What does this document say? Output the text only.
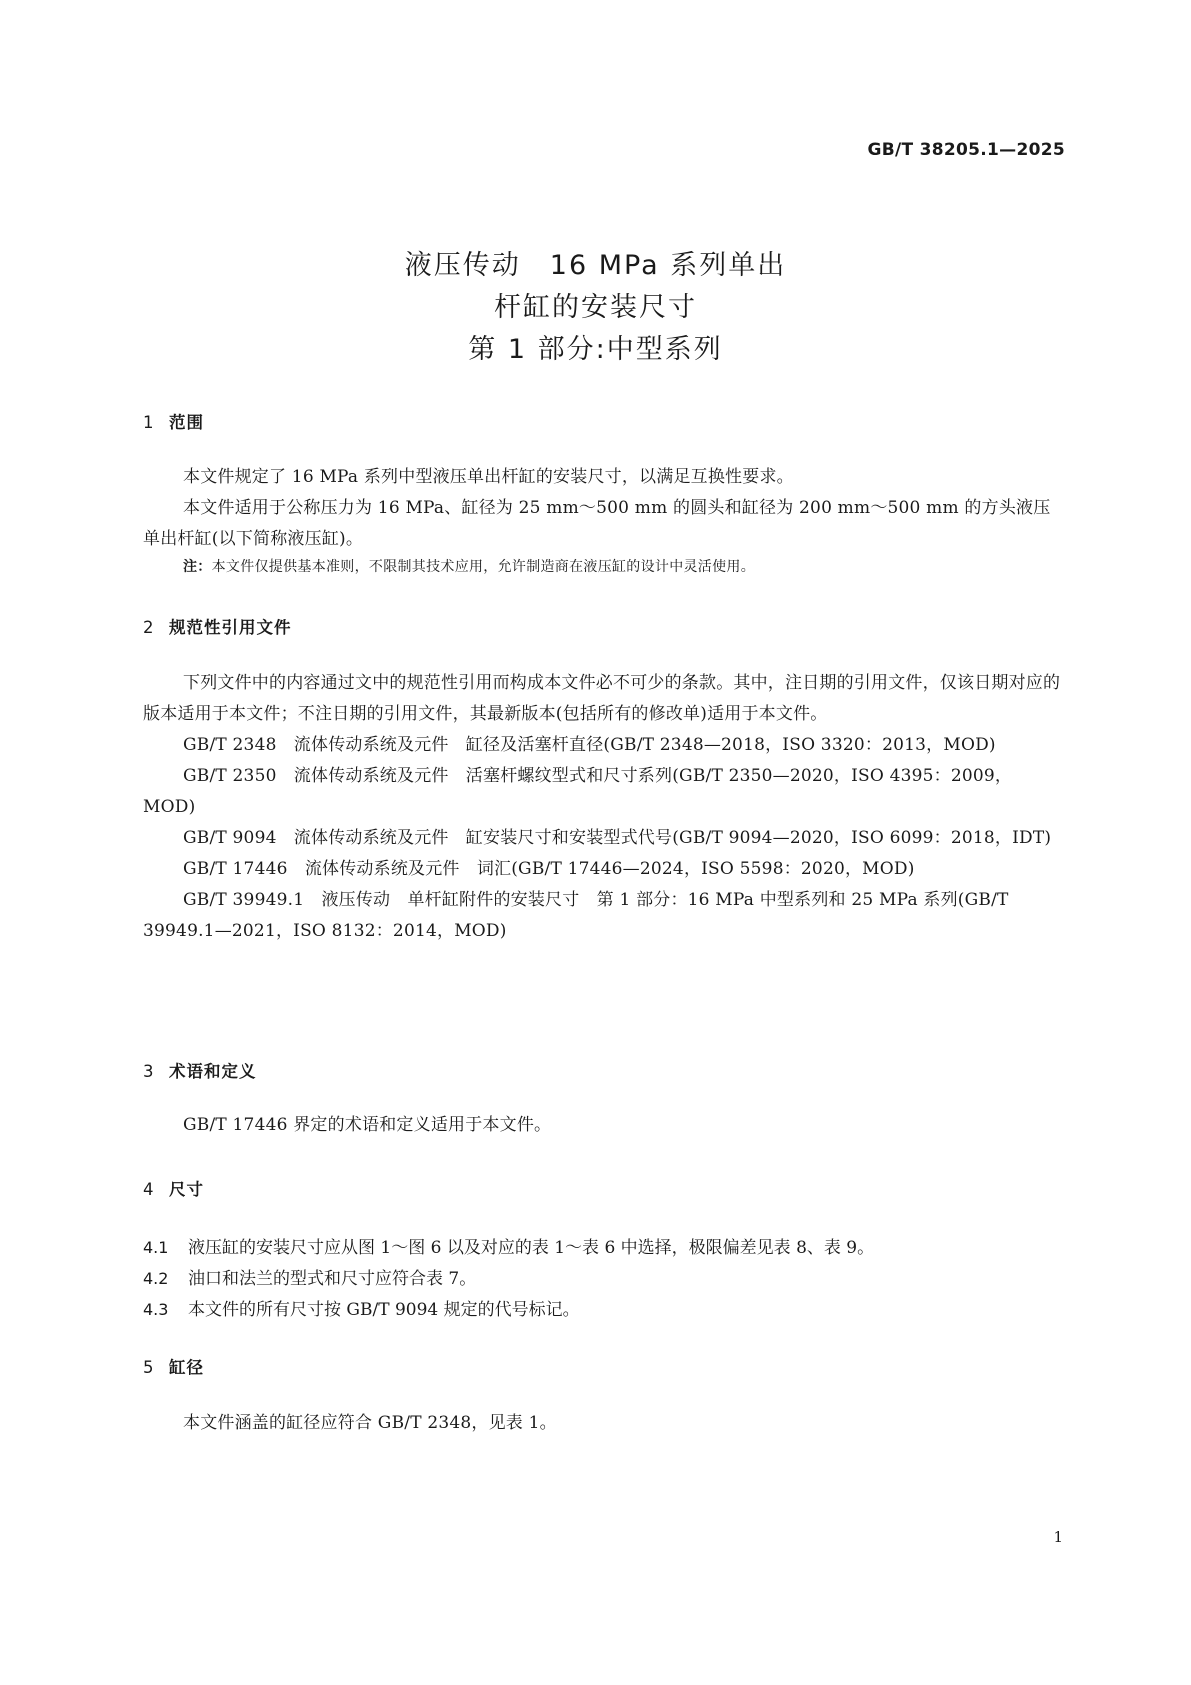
GB/T 38205.1—2025
液压传动　16 MPa 系列单出
杆缸的安装尺寸
第 1 部分:中型系列
1 范围

本文件规定了 16 MPa 系列中型液压单出杆缸的安装尺寸，以满足互换性要求。

本文件适用于公称压力为 16 MPa、缸径为 25 mm～500 mm 的圆头和缸径为 200 mm～500 mm 的方头液压单出杆缸(以下简称液压缸)。

注：本文件仅提供基本准则，不限制其技术应用，允许制造商在液压缸的设计中灵活使用。
2 规范性引用文件

下列文件中的内容通过文中的规范性引用而构成本文件必不可少的条款。其中，注日期的引用文件，仅该日期对应的版本适用于本文件；不注日期的引用文件，其最新版本(包括所有的修改单)适用于本文件。

GB/T 2348　流体传动系统及元件　缸径及活塞杆直径(GB/T 2348—2018，ISO 3320：2013，MOD)

GB/T 2350　流体传动系统及元件　活塞杆螺纹型式和尺寸系列(GB/T 2350—2020，ISO 4395：2009，MOD)

GB/T 9094　流体传动系统及元件　缸安装尺寸和安装型式代号(GB/T 9094—2020，ISO 6099：2018，IDT)

GB/T 17446　流体传动系统及元件　词汇(GB/T 17446—2024，ISO 5598：2020，MOD)

GB/T 39949.1　液压传动　单杆缸附件的安装尺寸　第 1 部分：16 MPa 中型系列和 25 MPa 系列(GB/T 39949.1—2021，ISO 8132：2014，MOD)

3 术语和定义

GB/T 17446 界定的术语和定义适用于本文件。

4 尺寸
4.1 液压缸的安装尺寸应从图 1～图 6 以及对应的表 1～表 6 中选择，极限偏差见表 8、表 9。
4.2 油口和法兰的型式和尺寸应符合表 7。
4.3 本文件的所有尺寸按 GB/T 9094 规定的代号标记。
5 缸径

本文件涵盖的缸径应符合 GB/T 2348，见表 1。

1
